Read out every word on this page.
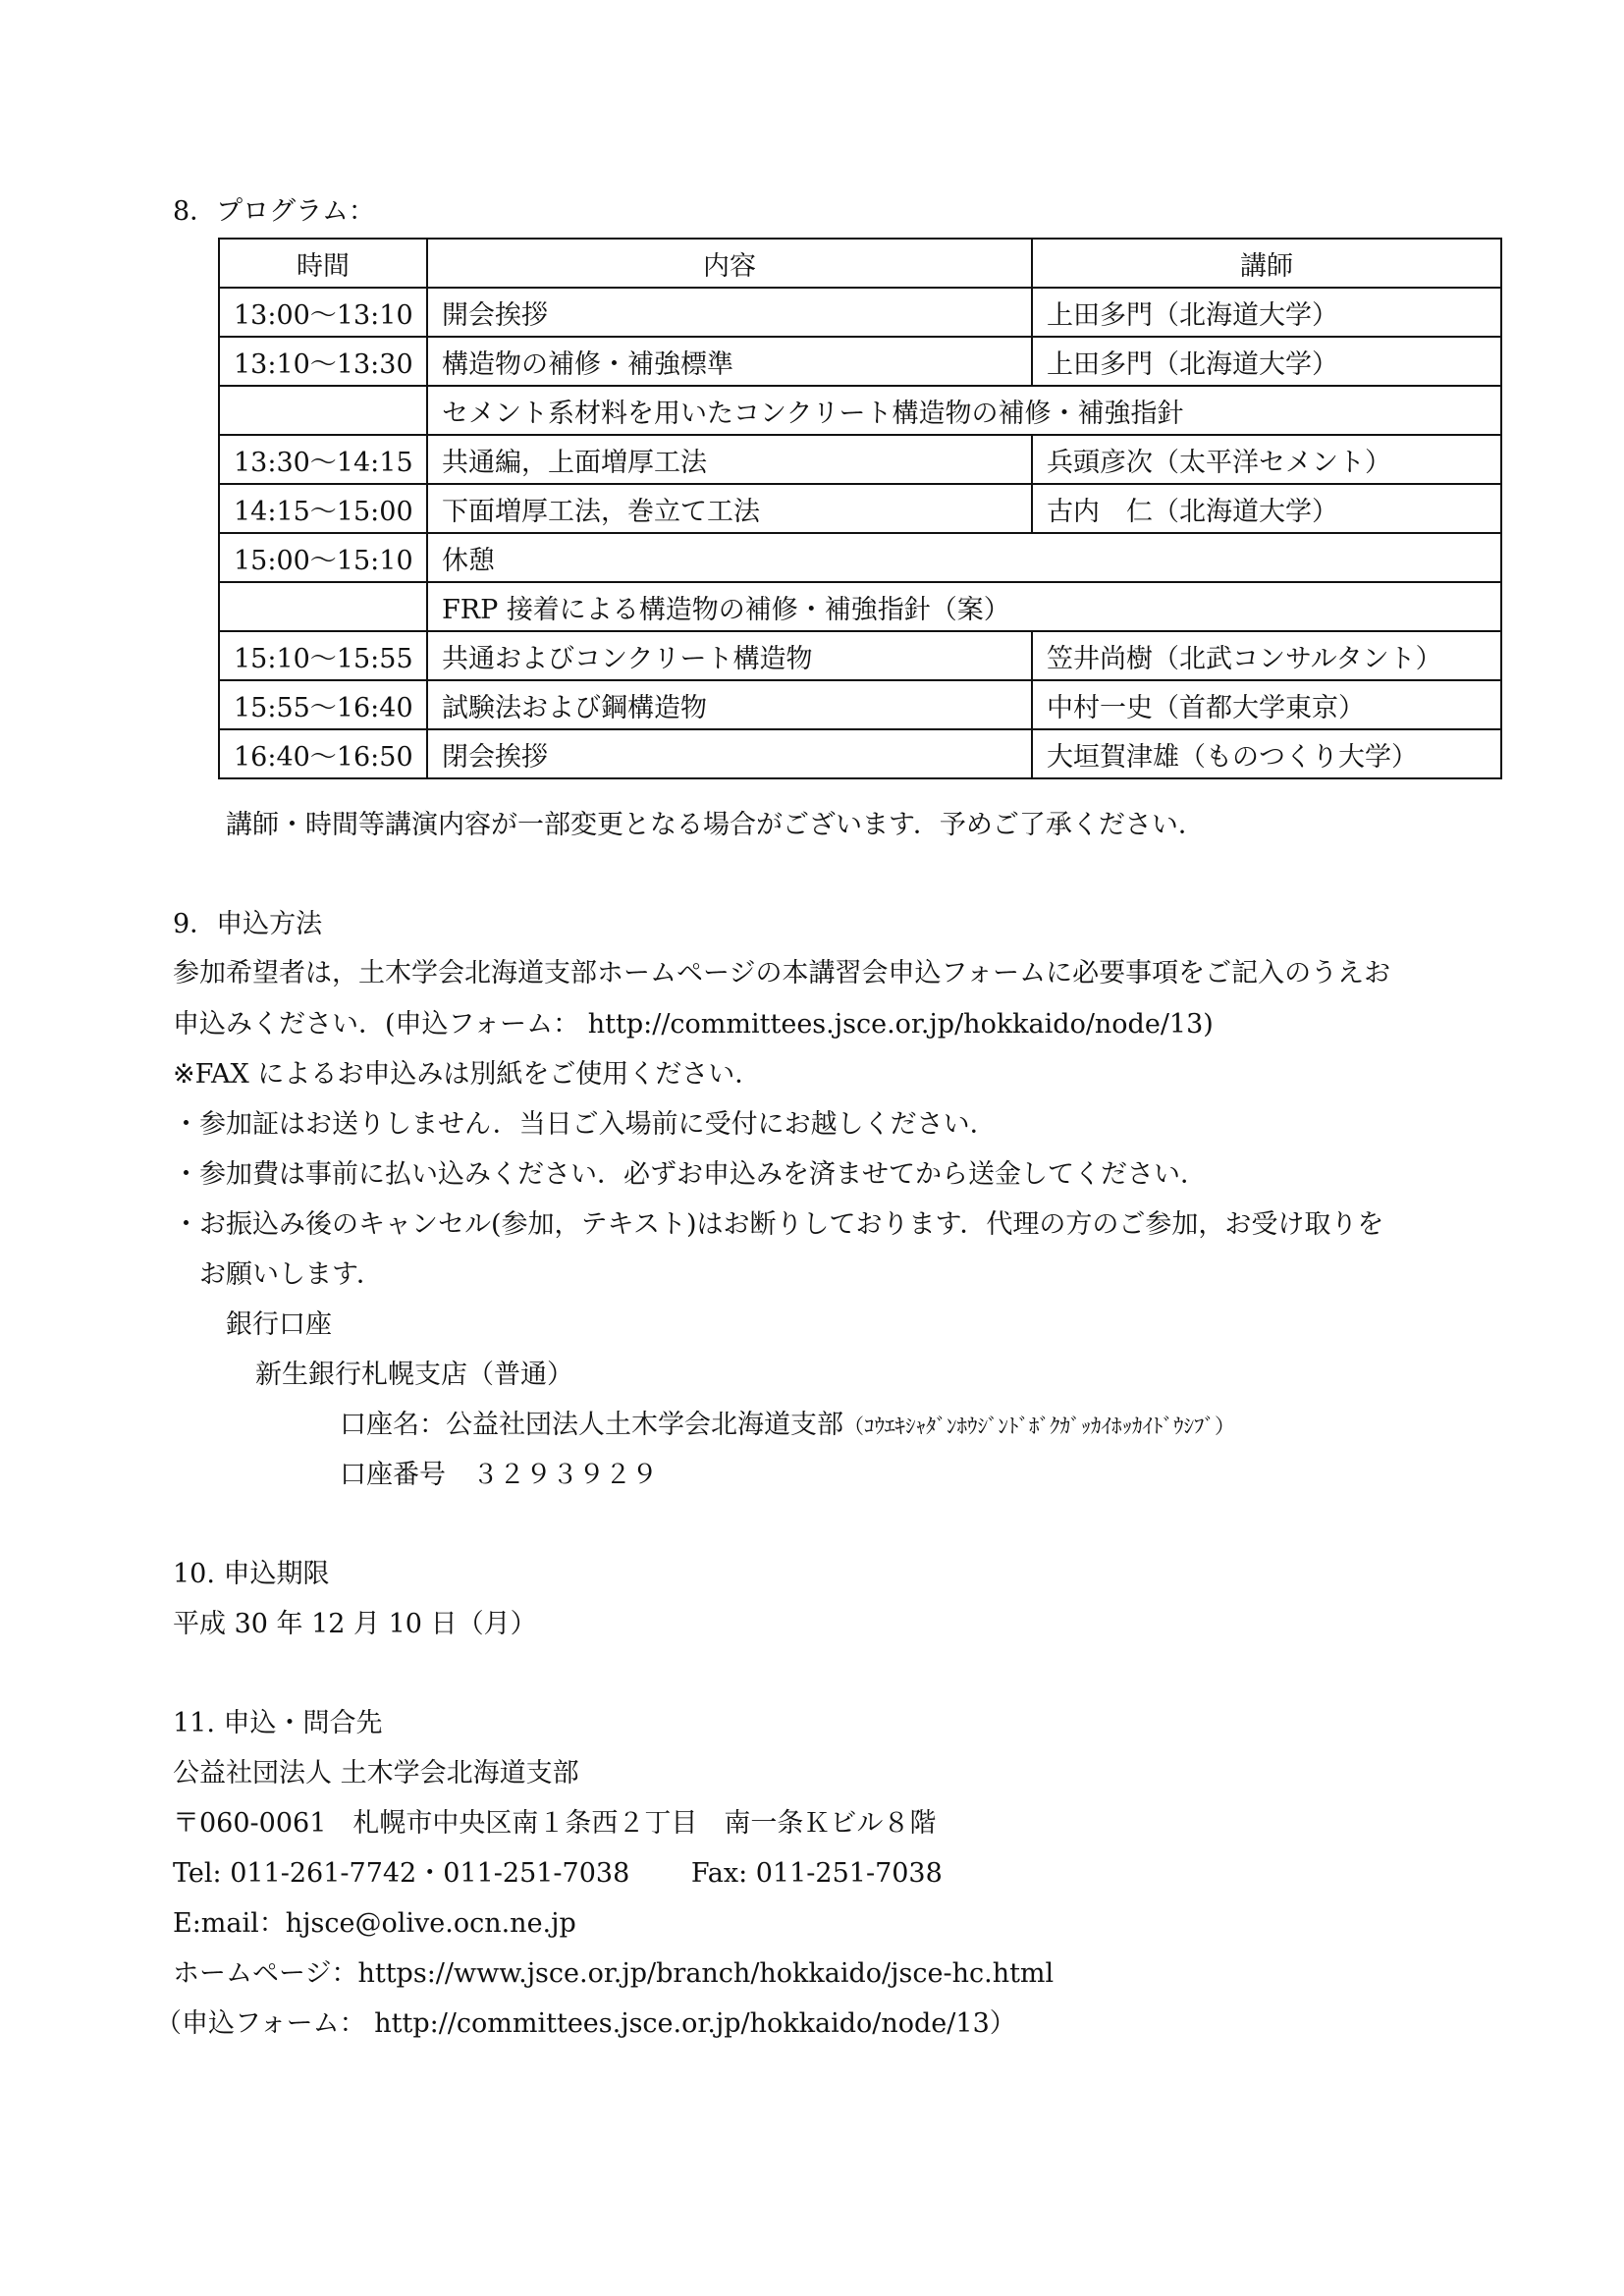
8．プログラム：
時間	内容	講師
13:00～13:10	開会挨拶	上田多門（北海道大学）
13:10～13:30	構造物の補修・補強標準	上田多門（北海道大学）
	セメント系材料を用いたコンクリート構造物の補修・補強指針	
13:30～14:15	共通編，上面増厚工法	兵頭彦次（太平洋セメント）
14:15～15:00	下面増厚工法，巻立て工法	古内　仁（北海道大学）
15:00～15:10	休憩	
	FRP 接着による構造物の補修・補強指針（案）	
15:10～15:55	共通およびコンクリート構造物	笠井尚樹（北武コンサルタント）
15:55～16:40	試験法および鋼構造物	中村一史（首都大学東京）
16:40～16:50	閉会挨拶	大垣賀津雄（ものつくり大学）
講師・時間等講演内容が一部変更となる場合がございます．予めご了承ください．
9．申込方法
参加希望者は，土木学会北海道支部ホームページの本講習会申込フォームに必要事項をご記入のうえお
申込みください．(申込フォーム： http://committees.jsce.or.jp/hokkaido/node/13)
※FAX によるお申込みは別紙をご使用ください．
・参加証はお送りしません．当日ご入場前に受付にお越しください．
・参加費は事前に払い込みください．必ずお申込みを済ませてから送金してください．
・お振込み後のキャンセル(参加，テキスト)はお断りしております．代理の方のご参加，お受け取りを
お願いします．
銀行口座
新生銀行札幌支店（普通）
口座名：公益社団法人土木学会北海道支部（ｺｳｴｷｼｬﾀﾞﾝﾎｳｼﾞﾝﾄﾞﾎﾞｸｶﾞｯｶｲﾎｯｶｲﾄﾞｳｼﾌﾞ）
口座番号　３２９３９２９
10. 申込期限
平成 30 年 12 月 10 日（月）
11. 申込・問合先
公益社団法人 土木学会北海道支部
〒060-0061　札幌市中央区南１条西２丁目　南一条Ｋビル８階
Tel: 011-261-7742・011-251-7038　　 Fax: 011-251-7038
E:mail：hjsce@olive.ocn.ne.jp
ホームページ：https://www.jsce.or.jp/branch/hokkaido/jsce-hc.html
（申込フォーム： http://committees.jsce.or.jp/hokkaido/node/13）
